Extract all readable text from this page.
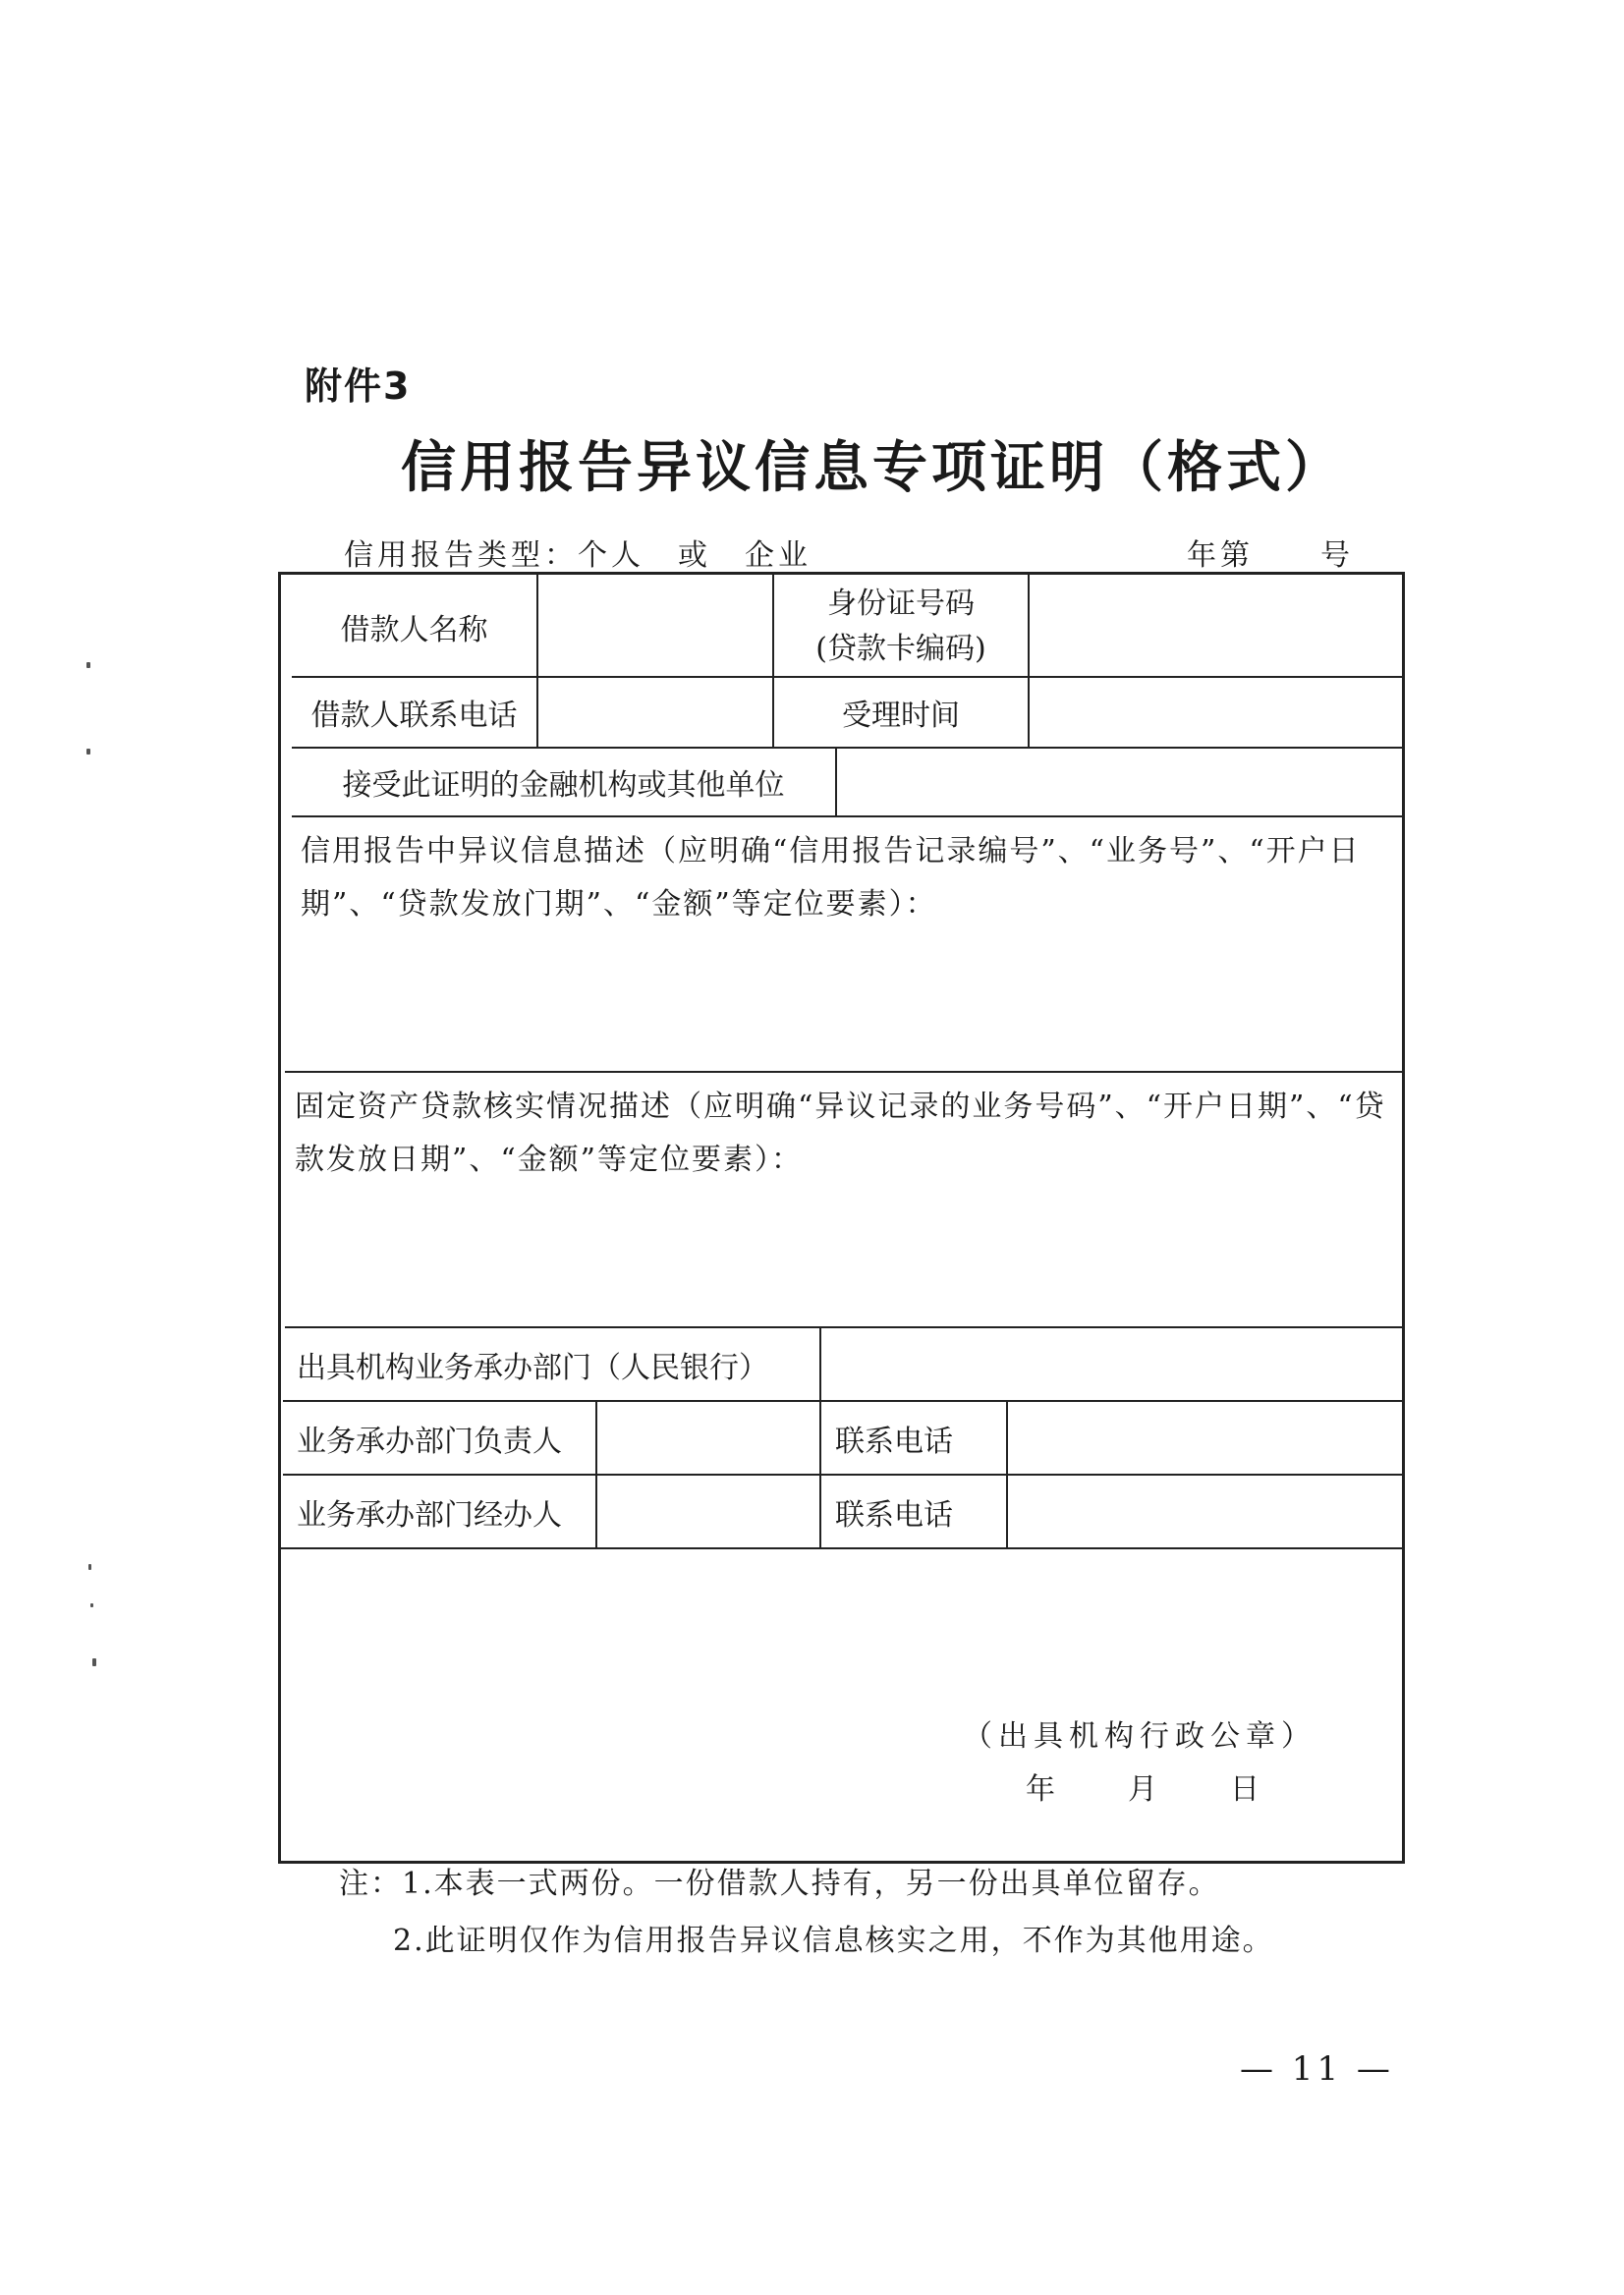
附件3
信用报告异议信息专项证明（格式）
信用报告类型：个人　或　企业	年第　　号
借款人名称
身份证号码
(贷款卡编码)
借款人联系电话	受理时间
接受此证明的金融机构或其他单位
信用报告中异议信息描述（应明确“信用报告记录编号”、“业务号”、“开户日期”、“贷款发放门期”、“金额”等定位要素）：
固定资产贷款核实情况描述（应明确“异议记录的业务号码”、“开户日期”、“贷款发放日期”、“金额”等定位要素）：
出具机构业务承办部门（人民银行）
业务承办部门负责人	联系电话
业务承办部门经办人	联系电话
（出具机构行政公章）
年　月　日
注：1.本表一式两份。一份借款人持有，另一份出具单位留存。
2.此证明仅作为信用报告异议信息核实之用，不作为其他用途。
— 11 —
